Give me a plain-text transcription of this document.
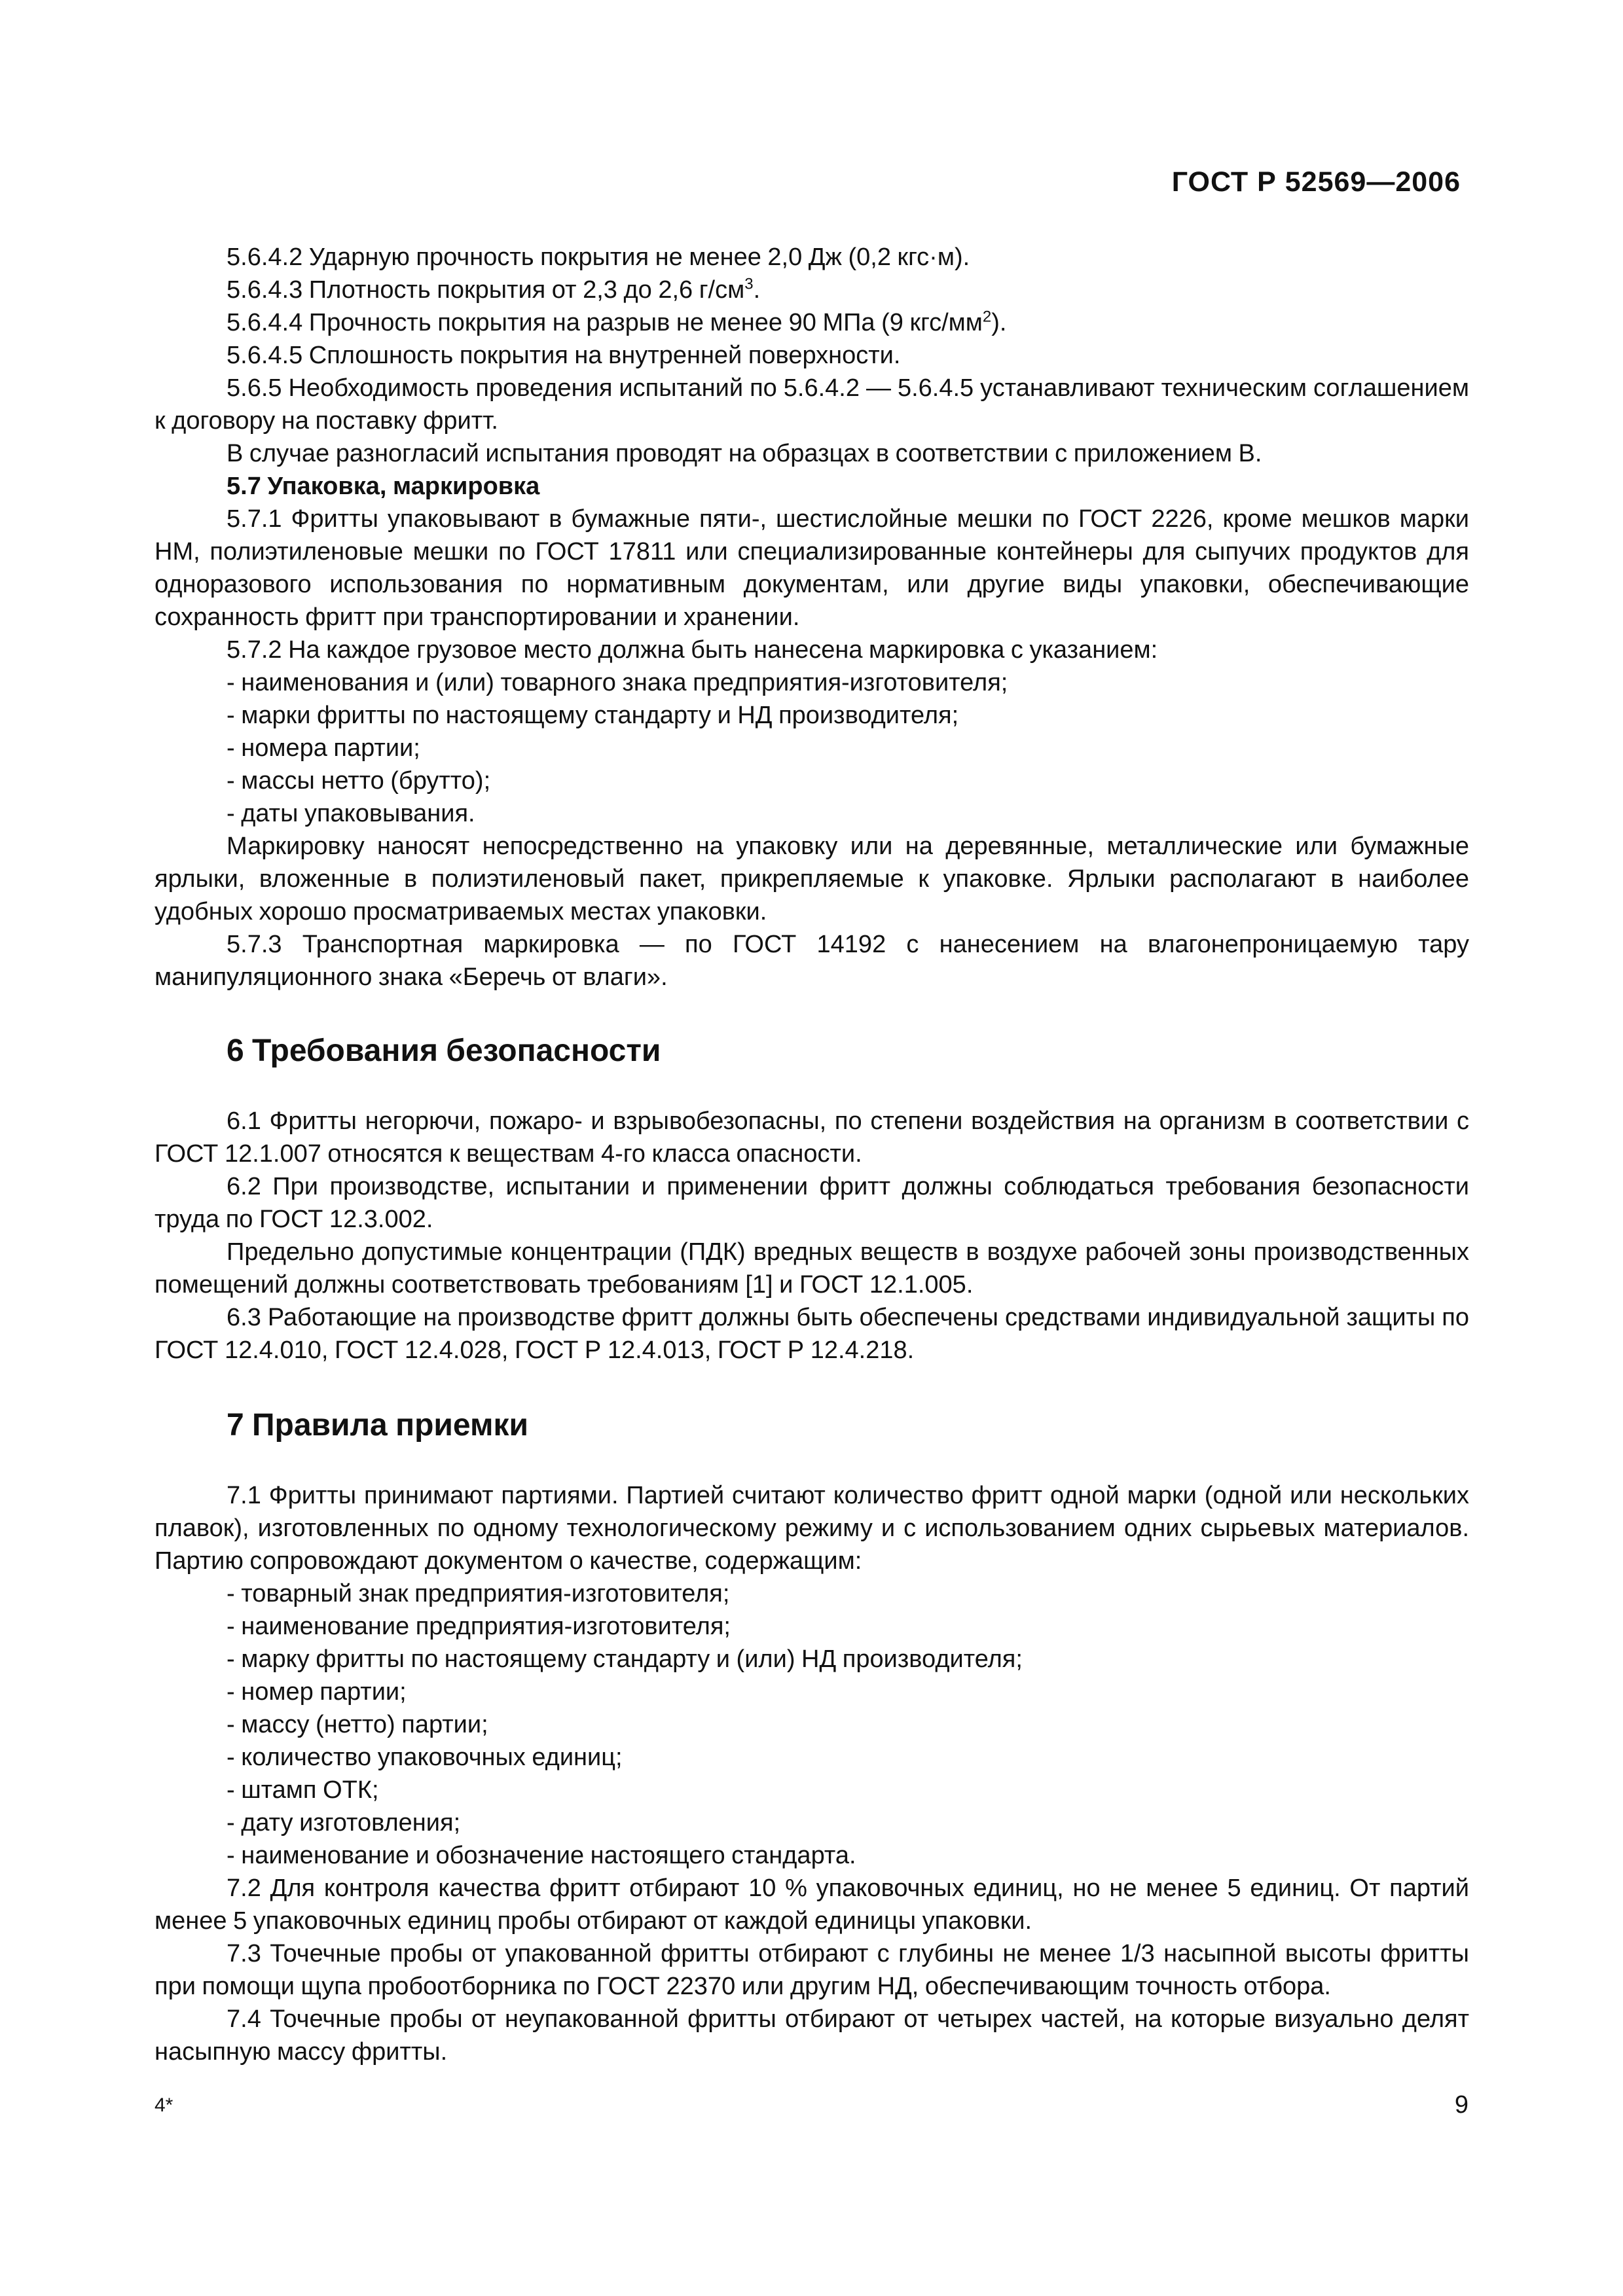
ГОСТ Р 52569—2006

5.6.4.2 Ударную прочность покрытия не менее 2,0 Дж (0,2 кгс·м).

5.6.4.3 Плотность покрытия от 2,3 до 2,6 $г/см^3$.

5.6.4.4 Прочность покрытия на разрыв не менее 90 МПа (9 кгс/$мм^2$).

5.6.4.5 Сплошность покрытия на внутренней поверхности.

5.6.5 Необходимость проведения испытаний по 5.6.4.2 — 5.6.4.5 устанавливают техническим соглашением к договору на поставку фритт.

В случае разногласий испытания проводят на образцах в соответствии с приложением В.

5.7 Упаковка, маркировка

5.7.1 Фритты упаковывают в бумажные пяти-, шестислойные мешки по ГОСТ 2226, кроме мешков марки НМ, полиэтиленовые мешки по ГОСТ 17811 или специализированные контейнеры для сыпучих продуктов для одноразового использования по нормативным документам, или другие виды упаковки, обеспечивающие сохранность фритт при транспортировании и хранении.

5.7.2 На каждое грузовое место должна быть нанесена маркировка с указанием:

- наименования и (или) товарного знака предприятия-изготовителя;

- марки фритты по настоящему стандарту и НД производителя;

- номера партии;

- массы нетто (брутто);

- даты упаковывания.

Маркировку наносят непосредственно на упаковку или на деревянные, металлические или бумажные ярлыки, вложенные в полиэтиленовый пакет, прикрепляемые к упаковке. Ярлыки располагают в наиболее удобных хорошо просматриваемых местах упаковки.

5.7.3 Транспортная маркировка — по ГОСТ 14192 с нанесением на влагонепроницаемую тару манипуляционного знака «Беречь от влаги».

6 Требования безопасности

6.1 Фритты негорючи, пожаро- и взрывобезопасны, по степени воздействия на организм в соответствии с ГОСТ 12.1.007 относятся к веществам 4-го класса опасности.

6.2 При производстве, испытании и применении фритт должны соблюдаться требования безопасности труда по ГОСТ 12.3.002.

Предельно допустимые концентрации (ПДК) вредных веществ в воздухе рабочей зоны производственных помещений должны соответствовать требованиям [1] и ГОСТ 12.1.005.

6.3 Работающие на производстве фритт должны быть обеспечены средствами индивидуальной защиты по ГОСТ 12.4.010, ГОСТ 12.4.028, ГОСТ Р 12.4.013, ГОСТ Р 12.4.218.

7 Правила приемки

7.1 Фритты принимают партиями. Партией считают количество фритт одной марки (одной или нескольких плавок), изготовленных по одному технологическому режиму и с использованием одних сырьевых материалов. Партию сопровождают документом о качестве, содержащим:

- товарный знак предприятия-изготовителя;

- наименование предприятия-изготовителя;

- марку фритты по настоящему стандарту и (или) НД производителя;

- номер партии;

- массу (нетто) партии;

- количество упаковочных единиц;

- штамп ОТК;

- дату изготовления;

- наименование и обозначение настоящего стандарта.

7.2 Для контроля качества фритт отбирают 10 % упаковочных единиц, но не менее 5 единиц. От партий менее 5 упаковочных единиц пробы отбирают от каждой единицы упаковки.

7.3 Точечные пробы от упакованной фритты отбирают с глубины не менее 1/3 насыпной высоты фритты при помощи щупа пробоотборника по ГОСТ 22370 или другим НД, обеспечивающим точность отбора.

7.4 Точечные пробы от неупакованной фритты отбирают от четырех частей, на которые визуально делят насыпную массу фритты.

4*	9
